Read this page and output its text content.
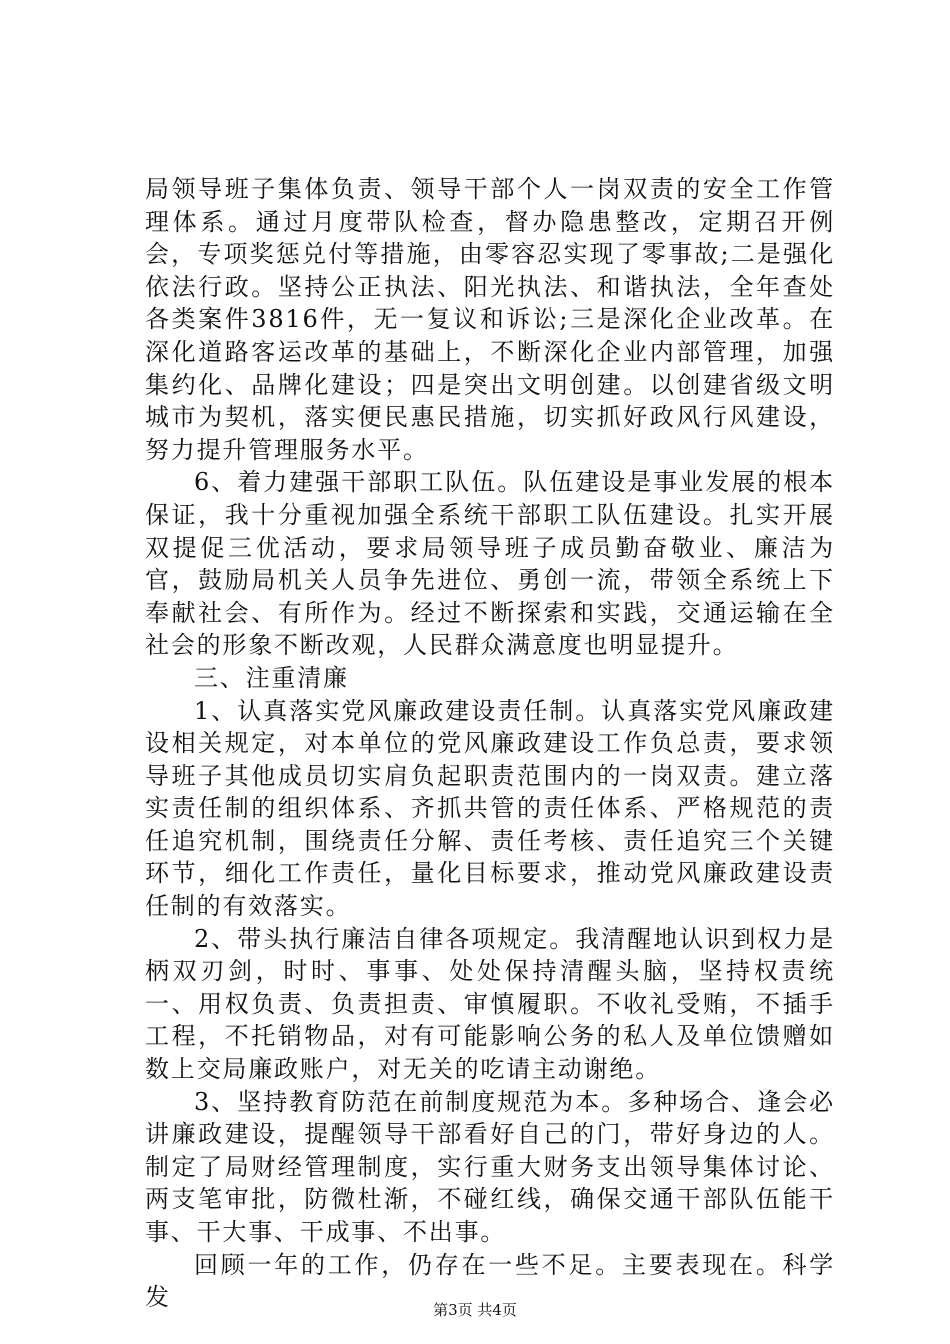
局领导班子集体负责、领导干部个人一岗双责的安全工作管理体系。通过月度带队检查，督办隐患整改，定期召开例会，专项奖惩兑付等措施，由零容忍实现了零事故;二是强化依法行政。坚持公正执法、阳光执法、和谐执法，全年查处各类案件3816件，无一复议和诉讼;三是深化企业改革。在深化道路客运改革的基础上，不断深化企业内部管理，加强集约化、品牌化建设；四是突出文明创建。以创建省级文明城市为契机，落实便民惠民措施，切实抓好政风行风建设，努力提升管理服务水平。

6、着力建强干部职工队伍。队伍建设是事业发展的根本保证，我十分重视加强全系统干部职工队伍建设。扎实开展双提促三优活动，要求局领导班子成员勤奋敬业、廉洁为官，鼓励局机关人员争先进位、勇创一流，带领全系统上下奉献社会、有所作为。经过不断探索和实践，交通运输在全社会的形象不断改观，人民群众满意度也明显提升。

三、注重清廉

1、认真落实党风廉政建设责任制。认真落实党风廉政建设相关规定，对本单位的党风廉政建设工作负总责，要求领导班子其他成员切实肩负起职责范围内的一岗双责。建立落实责任制的组织体系、齐抓共管的责任体系、严格规范的责任追究机制，围绕责任分解、责任考核、责任追究三个关键环节，细化工作责任，量化目标要求，推动党风廉政建设责任制的有效落实。

2、带头执行廉洁自律各项规定。我清醒地认识到权力是柄双刃剑，时时、事事、处处保持清醒头脑，坚持权责统一、用权负责、负责担责、审慎履职。不收礼受贿，不插手工程，不托销物品，对有可能影响公务的私人及单位馈赠如数上交局廉政账户，对无关的吃请主动谢绝。

3、坚持教育防范在前制度规范为本。多种场合、逢会必讲廉政建设，提醒领导干部看好自己的门，带好身边的人。制定了局财经管理制度，实行重大财务支出领导集体讨论、两支笔审批，防微杜渐，不碰红线，确保交通干部队伍能干事、干大事、干成事、不出事。

回顾一年的工作，仍存在一些不足。主要表现在。科学发	第3页 共4页
